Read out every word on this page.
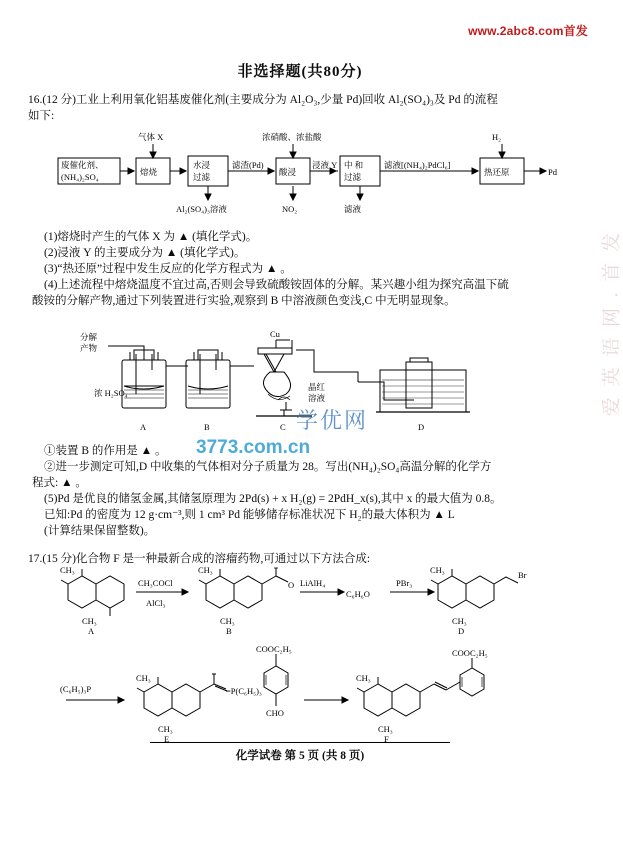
www.2abc8.com首发
爱 英 语 网 . 首 发
非选择题(共80分)
16.(12 分)工业上利用氧化铝基废催化剂(主要成分为 Al₂O₃,少量 Pd)回收 Al₂(SO₄)₃及 Pd 的流程
如下:
废催化剂、
(NH₄)₂SO₄	熔烧
水浸
过滤	酸浸
中 和
过滤	热还原
气体 X	浓硝酸、浓盐酸	H₂
滤渣(Pd)	浸液 Y	滤液[(NH₄)₂PdCl₆]
Pd
Al₂(SO₄)₃溶液	NO₂	滤液
(1)熔烧时产生的气体 X 为 ▲ (填化学式)。
(2)浸液 Y 的主要成分为 ▲ (填化学式)。
(3)“热还原”过程中发生反应的化学方程式为 ▲ 。
(4)上述流程中熔烧温度不宜过高,否则会导致硫酸铵固体的分解。某兴趣小组为探究高温下硫
酸铵的分解产物,通过下列装置进行实验,观察到 B 中溶液颜色变浅,C 中无明显现象。
分解
产物
浓 H₂SO₄
Cu
晶红
溶液
A	B	C	D
①装置 B 的作用是 ▲ 。
②进一步测定可知,D 中收集的气体相对分子质量为 28。写出(NH₄)₂SO₄高温分解的化学方
程式: ▲ 。
(5)Pd 是优良的储氢金属,其储氢原理为 2Pd(s) + x H₂(g) = 2PdH_x(s),其中 x 的最大值为 0.8。
已知:Pd 的密度为 12 g·cm⁻³,则 1 cm³ Pd 能够储存标准状况下 H₂的最大体积为 ▲ L
(计算结果保留整数)。
17.(15 分)化合物 F 是一种最新合成的溶瘤药物,可通过以下方法合成:
CH₃COCl
AlCl₃
LiAlH₄
C₆H₆O
PBr₃
O
Br
CH₃
CH₃
CH₃
CH₃
CH₃
CH₃
A	B	D
(C₆H₅)₃P	=P(C₆H₅)₃
CH₃
CH₃
COOC₂H₅
CHO
CH₃
CH₃
COOC₂H₅
E	F
学优网
3773.com.cn
化学试卷 第 5 页 (共 8 页)
